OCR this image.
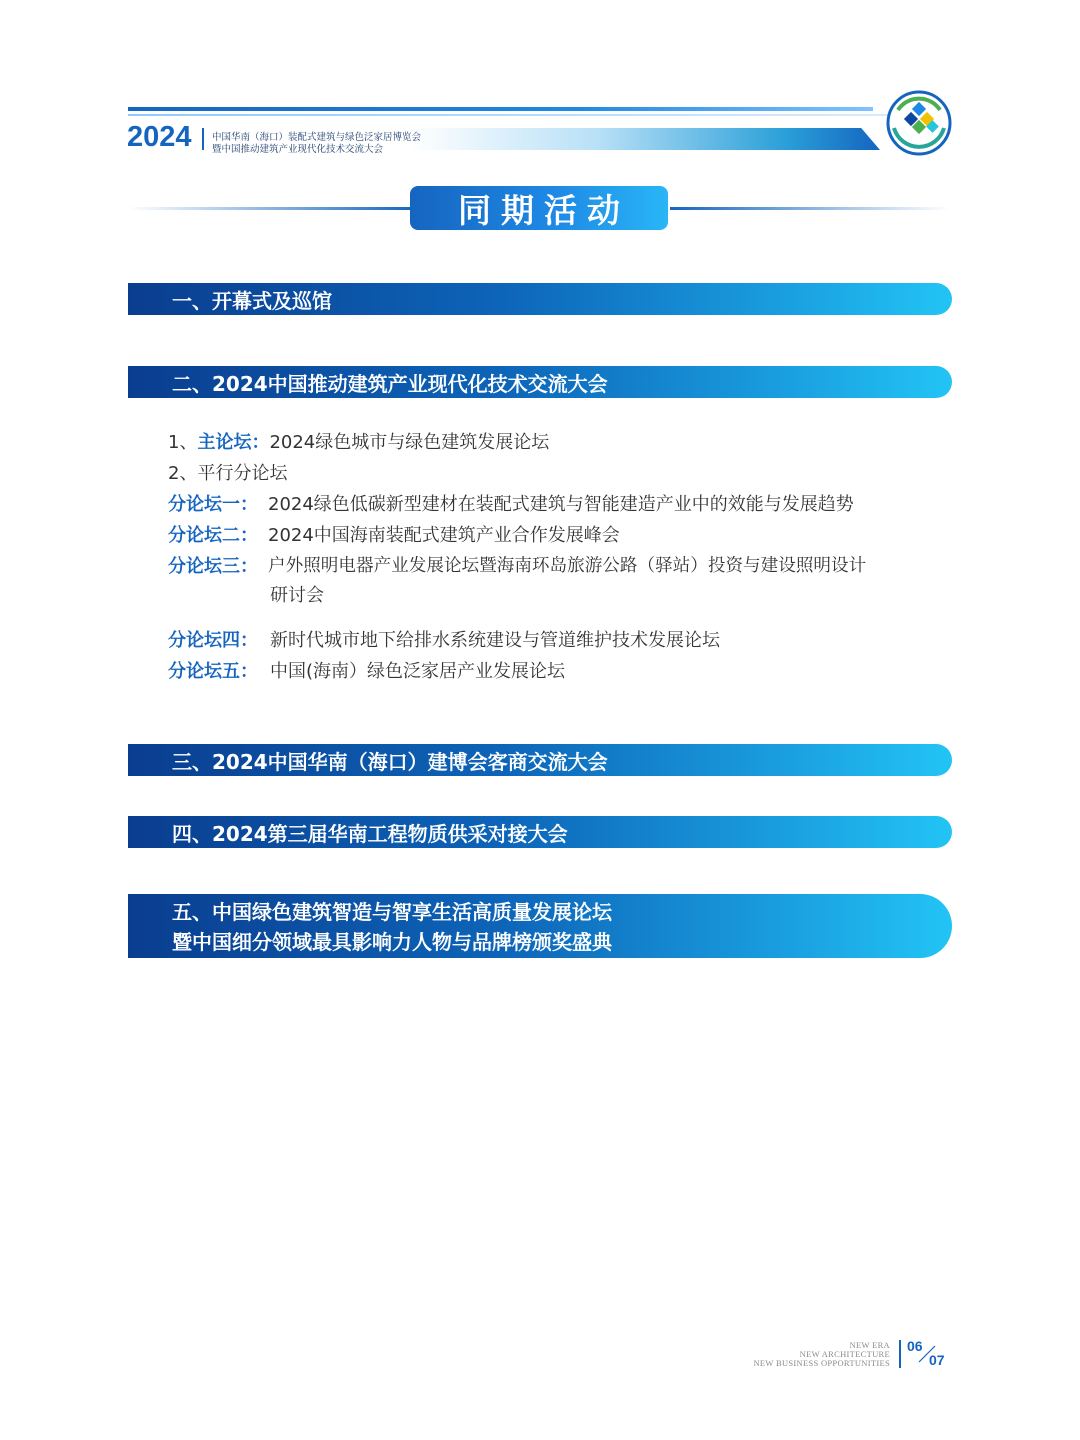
2024 中国华南（海口）装配式建筑与绿色泛家居博览会
暨中国推动建筑产业现代化技术交流大会
同期活动
一、开幕式及巡馆
二、2024中国推动建筑产业现代化技术交流大会
1、主论坛：2024绿色城市与绿色建筑发展论坛
2、平行分论坛
分论坛一： 2024绿色低碳新型建材在装配式建筑与智能建造产业中的效能与发展趋势
分论坛二： 2024中国海南装配式建筑产业合作发展峰会
分论坛三： 户外照明电器产业发展论坛暨海南环岛旅游公路（驿站）投资与建设照明设计
研讨会
分论坛四： 新时代城市地下给排水系统建设与管道维护技术发展论坛
分论坛五： 中国(海南）绿色泛家居产业发展论坛
三、2024中国华南（海口）建博会客商交流大会
四、2024第三届华南工程物质供采对接大会
五、中国绿色建筑智造与智享生活高质量发展论坛
暨中国细分领域最具影响力人物与品牌榜颁奖盛典
NEW ERA
NEW ARCHITECTURE
NEW BUSINESS OPPORTUNITIES
06
07
